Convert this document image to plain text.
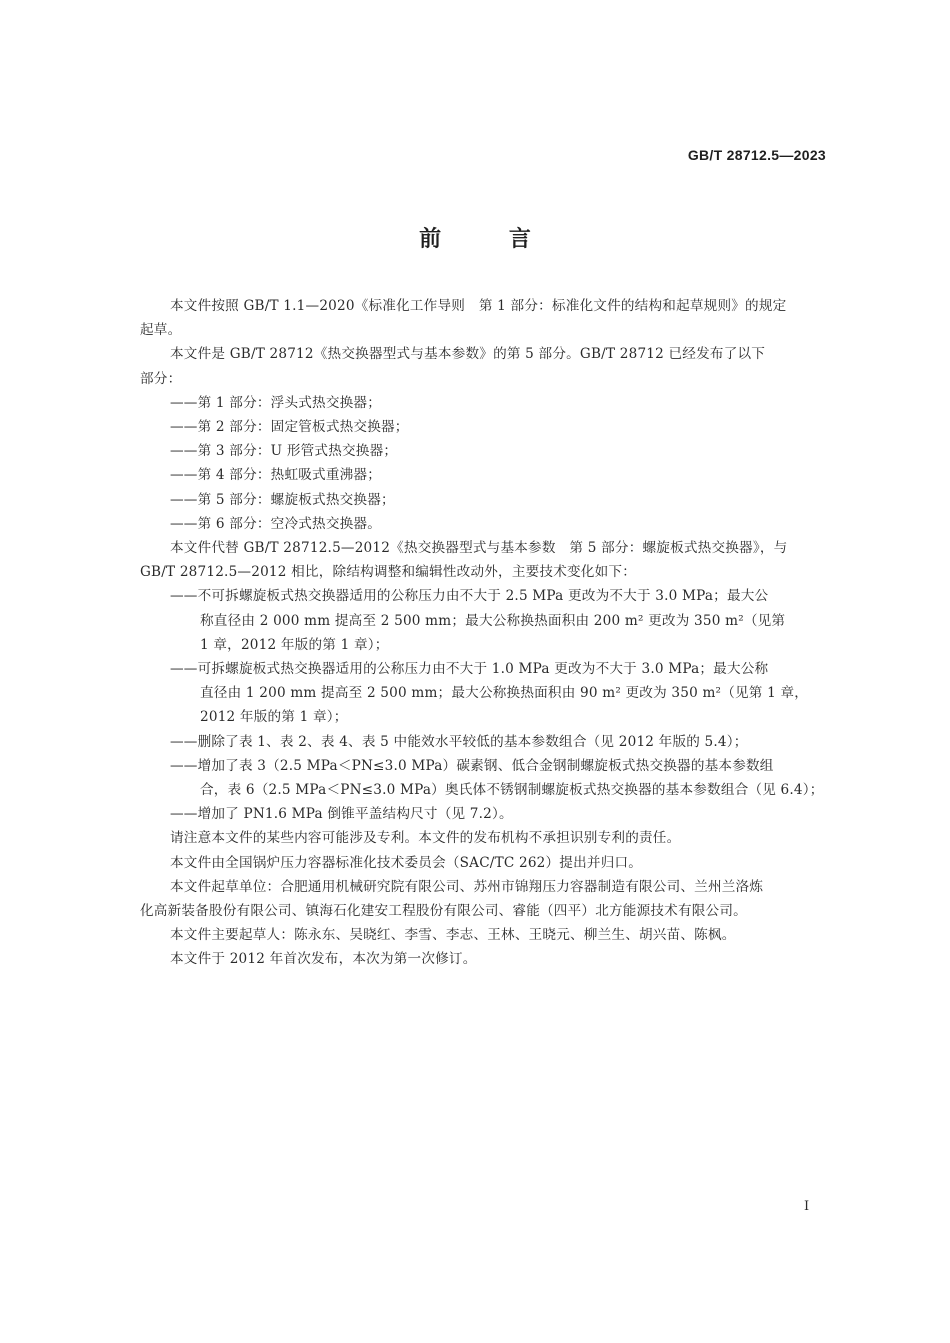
GB/T 28712.5—2023
前 言
本文件按照 GB/T 1.1—2020《标准化工作导则　第 1 部分：标准化文件的结构和起草规则》的规定
起草。
本文件是 GB/T 28712《热交换器型式与基本参数》的第 5 部分。GB/T 28712 已经发布了以下
部分：
——第 1 部分：浮头式热交换器；
——第 2 部分：固定管板式热交换器；
——第 3 部分：U 形管式热交换器；
——第 4 部分：热虹吸式重沸器；
——第 5 部分：螺旋板式热交换器；
——第 6 部分：空冷式热交换器。
本文件代替 GB/T 28712.5—2012《热交换器型式与基本参数　第 5 部分：螺旋板式热交换器》，与
GB/T 28712.5—2012 相比，除结构调整和编辑性改动外，主要技术变化如下：
——不可拆螺旋板式热交换器适用的公称压力由不大于 2.5 MPa 更改为不大于 3.0 MPa；最大公
称直径由 2 000 mm 提高至 2 500 mm；最大公称换热面积由 200 m² 更改为 350 m²（见第
1 章，2012 年版的第 1 章）；
——可拆螺旋板式热交换器适用的公称压力由不大于 1.0 MPa 更改为不大于 3.0 MPa；最大公称
直径由 1 200 mm 提高至 2 500 mm；最大公称换热面积由 90 m² 更改为 350 m²（见第 1 章，
2012 年版的第 1 章）；
——删除了表 1、表 2、表 4、表 5 中能效水平较低的基本参数组合（见 2012 年版的 5.4）；
——增加了表 3（2.5 MPa＜PN≤3.0 MPa）碳素钢、低合金钢制螺旋板式热交换器的基本参数组
合，表 6（2.5 MPa＜PN≤3.0 MPa）奥氏体不锈钢制螺旋板式热交换器的基本参数组合（见 6.4）；
——增加了 PN1.6 MPa 倒锥平盖结构尺寸（见 7.2）。
请注意本文件的某些内容可能涉及专利。本文件的发布机构不承担识别专利的责任。
本文件由全国锅炉压力容器标准化技术委员会（SAC/TC 262）提出并归口。
本文件起草单位：合肥通用机械研究院有限公司、苏州市锦翔压力容器制造有限公司、兰州兰洛炼
化高新装备股份有限公司、镇海石化建安工程股份有限公司、睿能（四平）北方能源技术有限公司。
本文件主要起草人：陈永东、吴晓红、李雪、李志、王林、王晓元、柳兰生、胡兴苗、陈枫。
本文件于 2012 年首次发布，本次为第一次修订。
I
